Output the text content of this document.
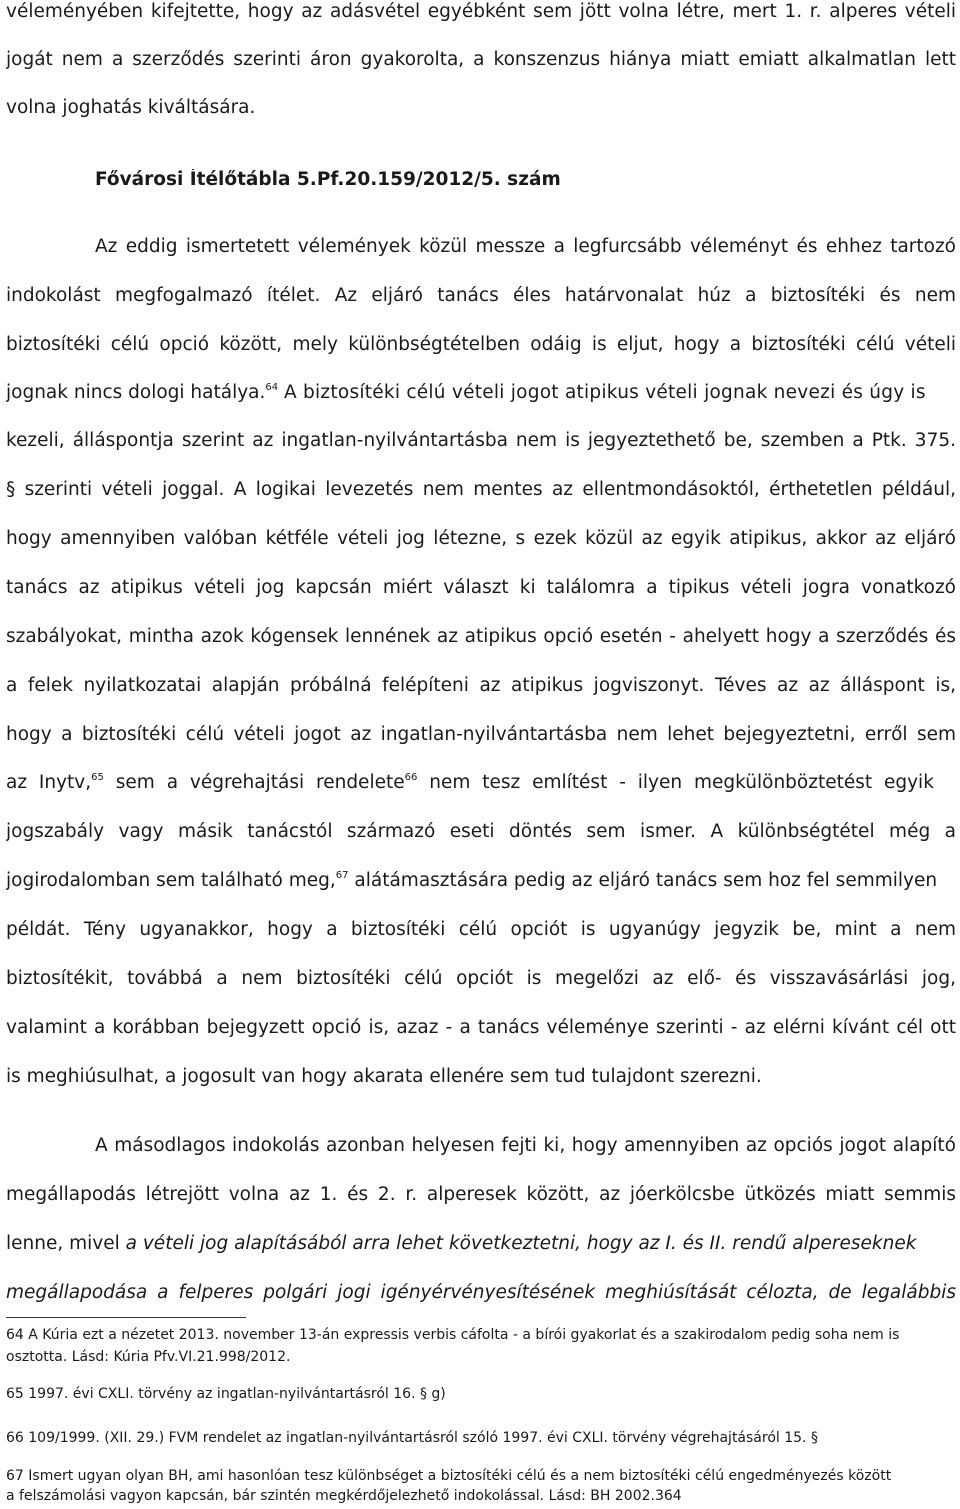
véleményében kifejtette, hogy az adásvétel egyébként sem jött volna létre, mert 1. r. alperes vételi
jogát nem a szerződés szerinti áron gyakorolta, a konszenzus hiánya miatt emiatt alkalmatlan lett
volna joghatás kiváltására.
Fővárosi Ítélőtábla 5.Pf.20.159/2012/5. szám
Az eddig ismertetett vélemények közül messze a legfurcsább véleményt és ehhez tartozó
indokolást megfogalmazó ítélet. Az eljáró tanács éles határvonalat húz a biztosítéki és nem
biztosítéki célú opció között, mely különbségtételben odáig is eljut, hogy a biztosítéki célú vételi
jognak nincs dologi hatálya.$^{64}$ A biztosítéki célú vételi jogot atipikus vételi jognak nevezi és úgy is
kezeli, álláspontja szerint az ingatlan-nyilvántartásba nem is jegyeztethető be, szemben a Ptk. 375.
§ szerinti vételi joggal. A logikai levezetés nem mentes az ellentmondásoktól, érthetetlen például,
hogy amennyiben valóban kétféle vételi jog létezne, s ezek közül az egyik atipikus, akkor az eljáró
tanács az atipikus vételi jog kapcsán miért választ ki találomra a tipikus vételi jogra vonatkozó
szabályokat, mintha azok kógensek lennének az atipikus opció esetén - ahelyett hogy a szerződés és
a felek nyilatkozatai alapján próbálná felépíteni az atipikus jogviszonyt. Téves az az álláspont is,
hogy a biztosítéki célú vételi jogot az ingatlan-nyilvántartásba nem lehet bejegyeztetni, erről sem
az Inytv,$^{65}$ sem a végrehajtási rendelete$^{66}$ nem tesz említést - ilyen megkülönböztetést egyik
jogszabály vagy másik tanácstól származó eseti döntés sem ismer. A különbségtétel még a
jogirodalomban sem található meg,$^{67}$ alátámasztására pedig az eljáró tanács sem hoz fel semmilyen
példát. Tény ugyanakkor, hogy a biztosítéki célú opciót is ugyanúgy jegyzik be, mint a nem
biztosítékit, továbbá a nem biztosítéki célú opciót is megelőzi az elő- és visszavásárlási jog,
valamint a korábban bejegyzett opció is, azaz - a tanács véleménye szerinti - az elérni kívánt cél ott
is meghiúsulhat, a jogosult van hogy akarata ellenére sem tud tulajdont szerezni.
A másodlagos indokolás azonban helyesen fejti ki, hogy amennyiben az opciós jogot alapító
megállapodás létrejött volna az 1. és 2. r. alperesek között, az jóerkölcsbe ütközés miatt semmis
lenne, mivel a vételi jog alapításából arra lehet következtetni, hogy az I. és II. rendű alpereseknek
megállapodása a felperes polgári jogi igényérvényesítésének meghiúsítását célozta, de legalábbis
64 A Kúria ezt a nézetet 2013. november 13-án expressis verbis cáfolta - a bírói gyakorlat és a szakirodalom pedig soha nem is
osztotta. Lásd: Kúria Pfv.VI.21.998/2012.
65 1997. évi CXLI. törvény az ingatlan-nyilvántartásról 16. § g)
66 109/1999. (XII. 29.) FVM rendelet az ingatlan-nyilvántartásról szóló 1997. évi CXLI. törvény végrehajtásáról 15. §
67 Ismert ugyan olyan BH, ami hasonlóan tesz különbséget a biztosítéki célú és a nem biztosítéki célú engedményezés között
a felszámolási vagyon kapcsán, bár szintén megkérdőjelezhető indokolással. Lásd: BH 2002.364
